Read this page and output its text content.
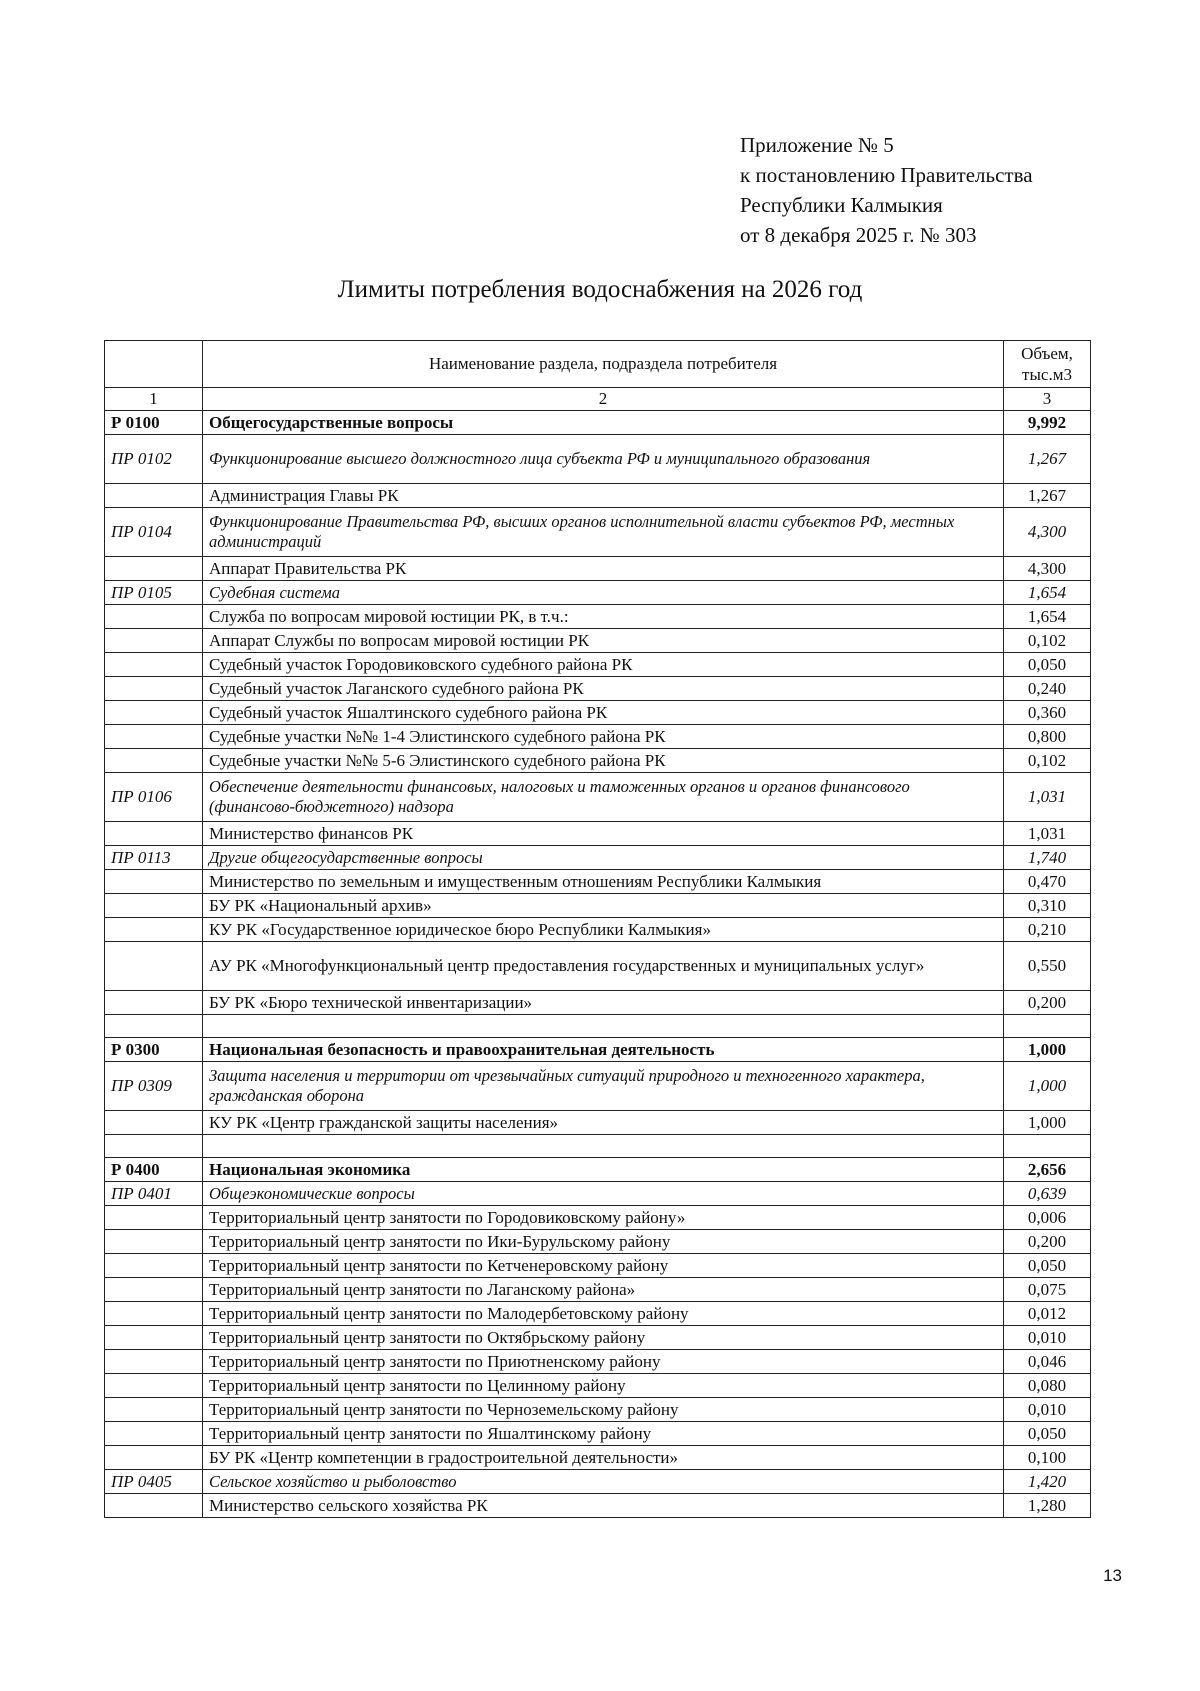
Приложение № 5
к постановлению Правительства
Республики Калмыкия
от 8 декабря 2025 г. № 303
Лимиты потребления водоснабжения на 2026 год
	Наименование раздела, подраздела потребителя	Объем,
тыс.м3

1	2	3
Р 0100	Общегосударственные вопросы	9,992
ПР 0102	Функционирование высшего должностного лица субъекта РФ и муниципального образования	1,267
	Администрация Главы РК	1,267
ПР 0104	Функционирование Правительства РФ, высших органов исполнительной власти субъектов РФ, местных администраций	4,300
	Аппарат Правительства РК	4,300
ПР 0105	Судебная система	1,654
	Служба по вопросам мировой юстиции РК, в т.ч.:	1,654
	Аппарат Службы по вопросам мировой юстиции РК	0,102
	Судебный участок Городовиковского судебного района РК	0,050
	Судебный участок Лаганского судебного района РК	0,240
	Судебный участок Яшалтинского судебного района РК	0,360
	Судебные участки №№ 1-4 Элистинского судебного района РК	0,800
	Судебные участки №№ 5-6 Элистинского судебного района РК	0,102
ПР 0106	Обеспечение деятельности финансовых, налоговых и таможенных органов и органов финансового (финансово-бюджетного) надзора	1,031
	Министерство финансов РК	1,031
ПР 0113	Другие общегосударственные вопросы	1,740
	Министерство по земельным и имущественным отношениям Республики Калмыкия	0,470
	БУ РК «Национальный архив»	0,310
	КУ РК «Государственное юридическое бюро Республики Калмыкия»	0,210
	АУ РК «Многофункциональный центр предоставления государственных и муниципальных услуг»	0,550
	БУ РК «Бюро технической инвентаризации»	0,200

Р 0300	Национальная безопасность и правоохранительная деятельность	1,000
ПР 0309	Защита населения и территории от чрезвычайных ситуаций природного и техногенного характера, гражданская оборона	1,000
	КУ РК «Центр гражданской защиты населения»	1,000

Р 0400	Национальная экономика	2,656
ПР 0401	Общеэкономические вопросы	0,639
	Территориальный центр занятости по Городовиковскому району»	0,006
	Территориальный центр занятости по Ики-Бурульскому району	0,200
	Территориальный центр занятости по Кетченеровскому району	0,050
	Территориальный центр занятости по Лаганскому района»	0,075
	Территориальный центр занятости по Малодербетовскому району	0,012
	Территориальный центр занятости по Октябрьскому району	0,010
	Территориальный центр занятости по Приютненскому району	0,046
	Территориальный центр занятости по Целинному району	0,080
	Территориальный центр занятости по Черноземельскому району	0,010
	Территориальный центр занятости по Яшалтинскому району	0,050
	БУ РК «Центр компетенции в градостроительной деятельности»	0,100
ПР 0405	Сельское хозяйство и рыболовство	1,420
	Министерство сельского хозяйства РК	1,280
13
